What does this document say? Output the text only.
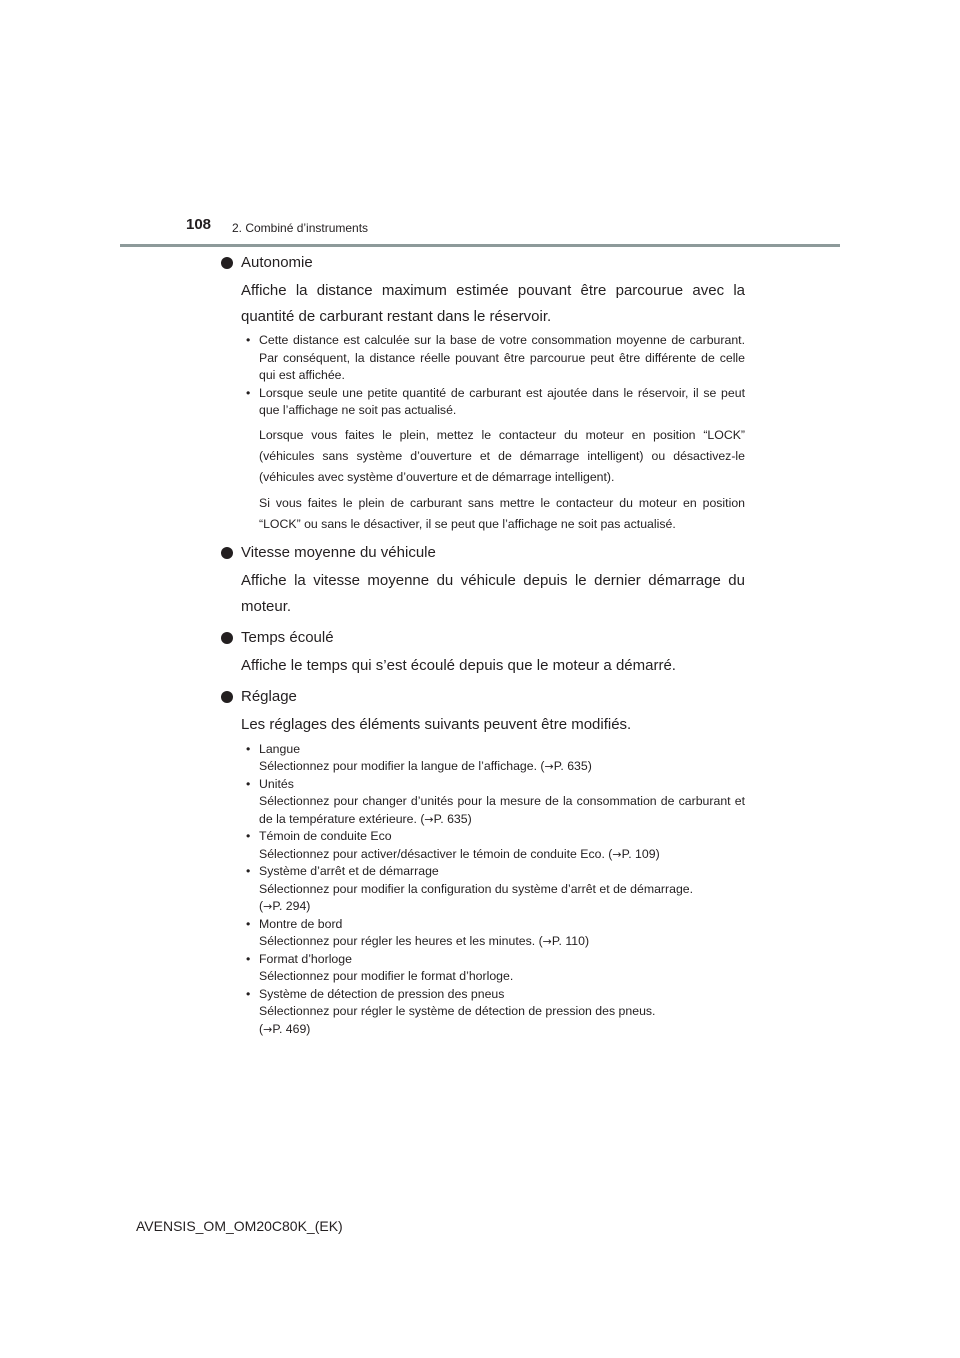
108 2. Combiné d’instruments
Autonomie
Affiche la distance maximum estimée pouvant être parcourue avec la quantité de carburant restant dans le réservoir.
• Cette distance est calculée sur la base de votre consommation moyenne de carburant. Par conséquent, la distance réelle pouvant être parcourue peut être différente de celle qui est affichée.
• Lorsque seule une petite quantité de carburant est ajoutée dans le réservoir, il se peut que l’affichage ne soit pas actualisé.
Lorsque vous faites le plein, mettez le contacteur du moteur en position “LOCK” (véhicules sans système d’ouverture et de démarrage intelligent) ou désactivez-le (véhicules avec système d’ouverture et de démarrage intelligent).
Si vous faites le plein de carburant sans mettre le contacteur du moteur en position “LOCK” ou sans le désactiver, il se peut que l’affichage ne soit pas actualisé.
Vitesse moyenne du véhicule
Affiche la vitesse moyenne du véhicule depuis le dernier démarrage du moteur.
Temps écoulé
Affiche le temps qui s’est écoulé depuis que le moteur a démarré.
Réglage
Les réglages des éléments suivants peuvent être modifiés.
• Langue
Sélectionnez pour modifier la langue de l’affichage. (→P. 635)
• Unités
Sélectionnez pour changer d’unités pour la mesure de la consommation de carburant et de la température extérieure. (→P. 635)
• Témoin de conduite Eco
Sélectionnez pour activer/désactiver le témoin de conduite Eco. (→P. 109)
• Système d’arrêt et de démarrage
Sélectionnez pour modifier la configuration du système d’arrêt et de démarrage.
(→P. 294)
• Montre de bord
Sélectionnez pour régler les heures et les minutes. (→P. 110)
• Format d’horloge
Sélectionnez pour modifier le format d’horloge.
• Système de détection de pression des pneus
Sélectionnez pour régler le système de détection de pression des pneus.
(→P. 469)
AVENSIS_OM_OM20C80K_(EK)
